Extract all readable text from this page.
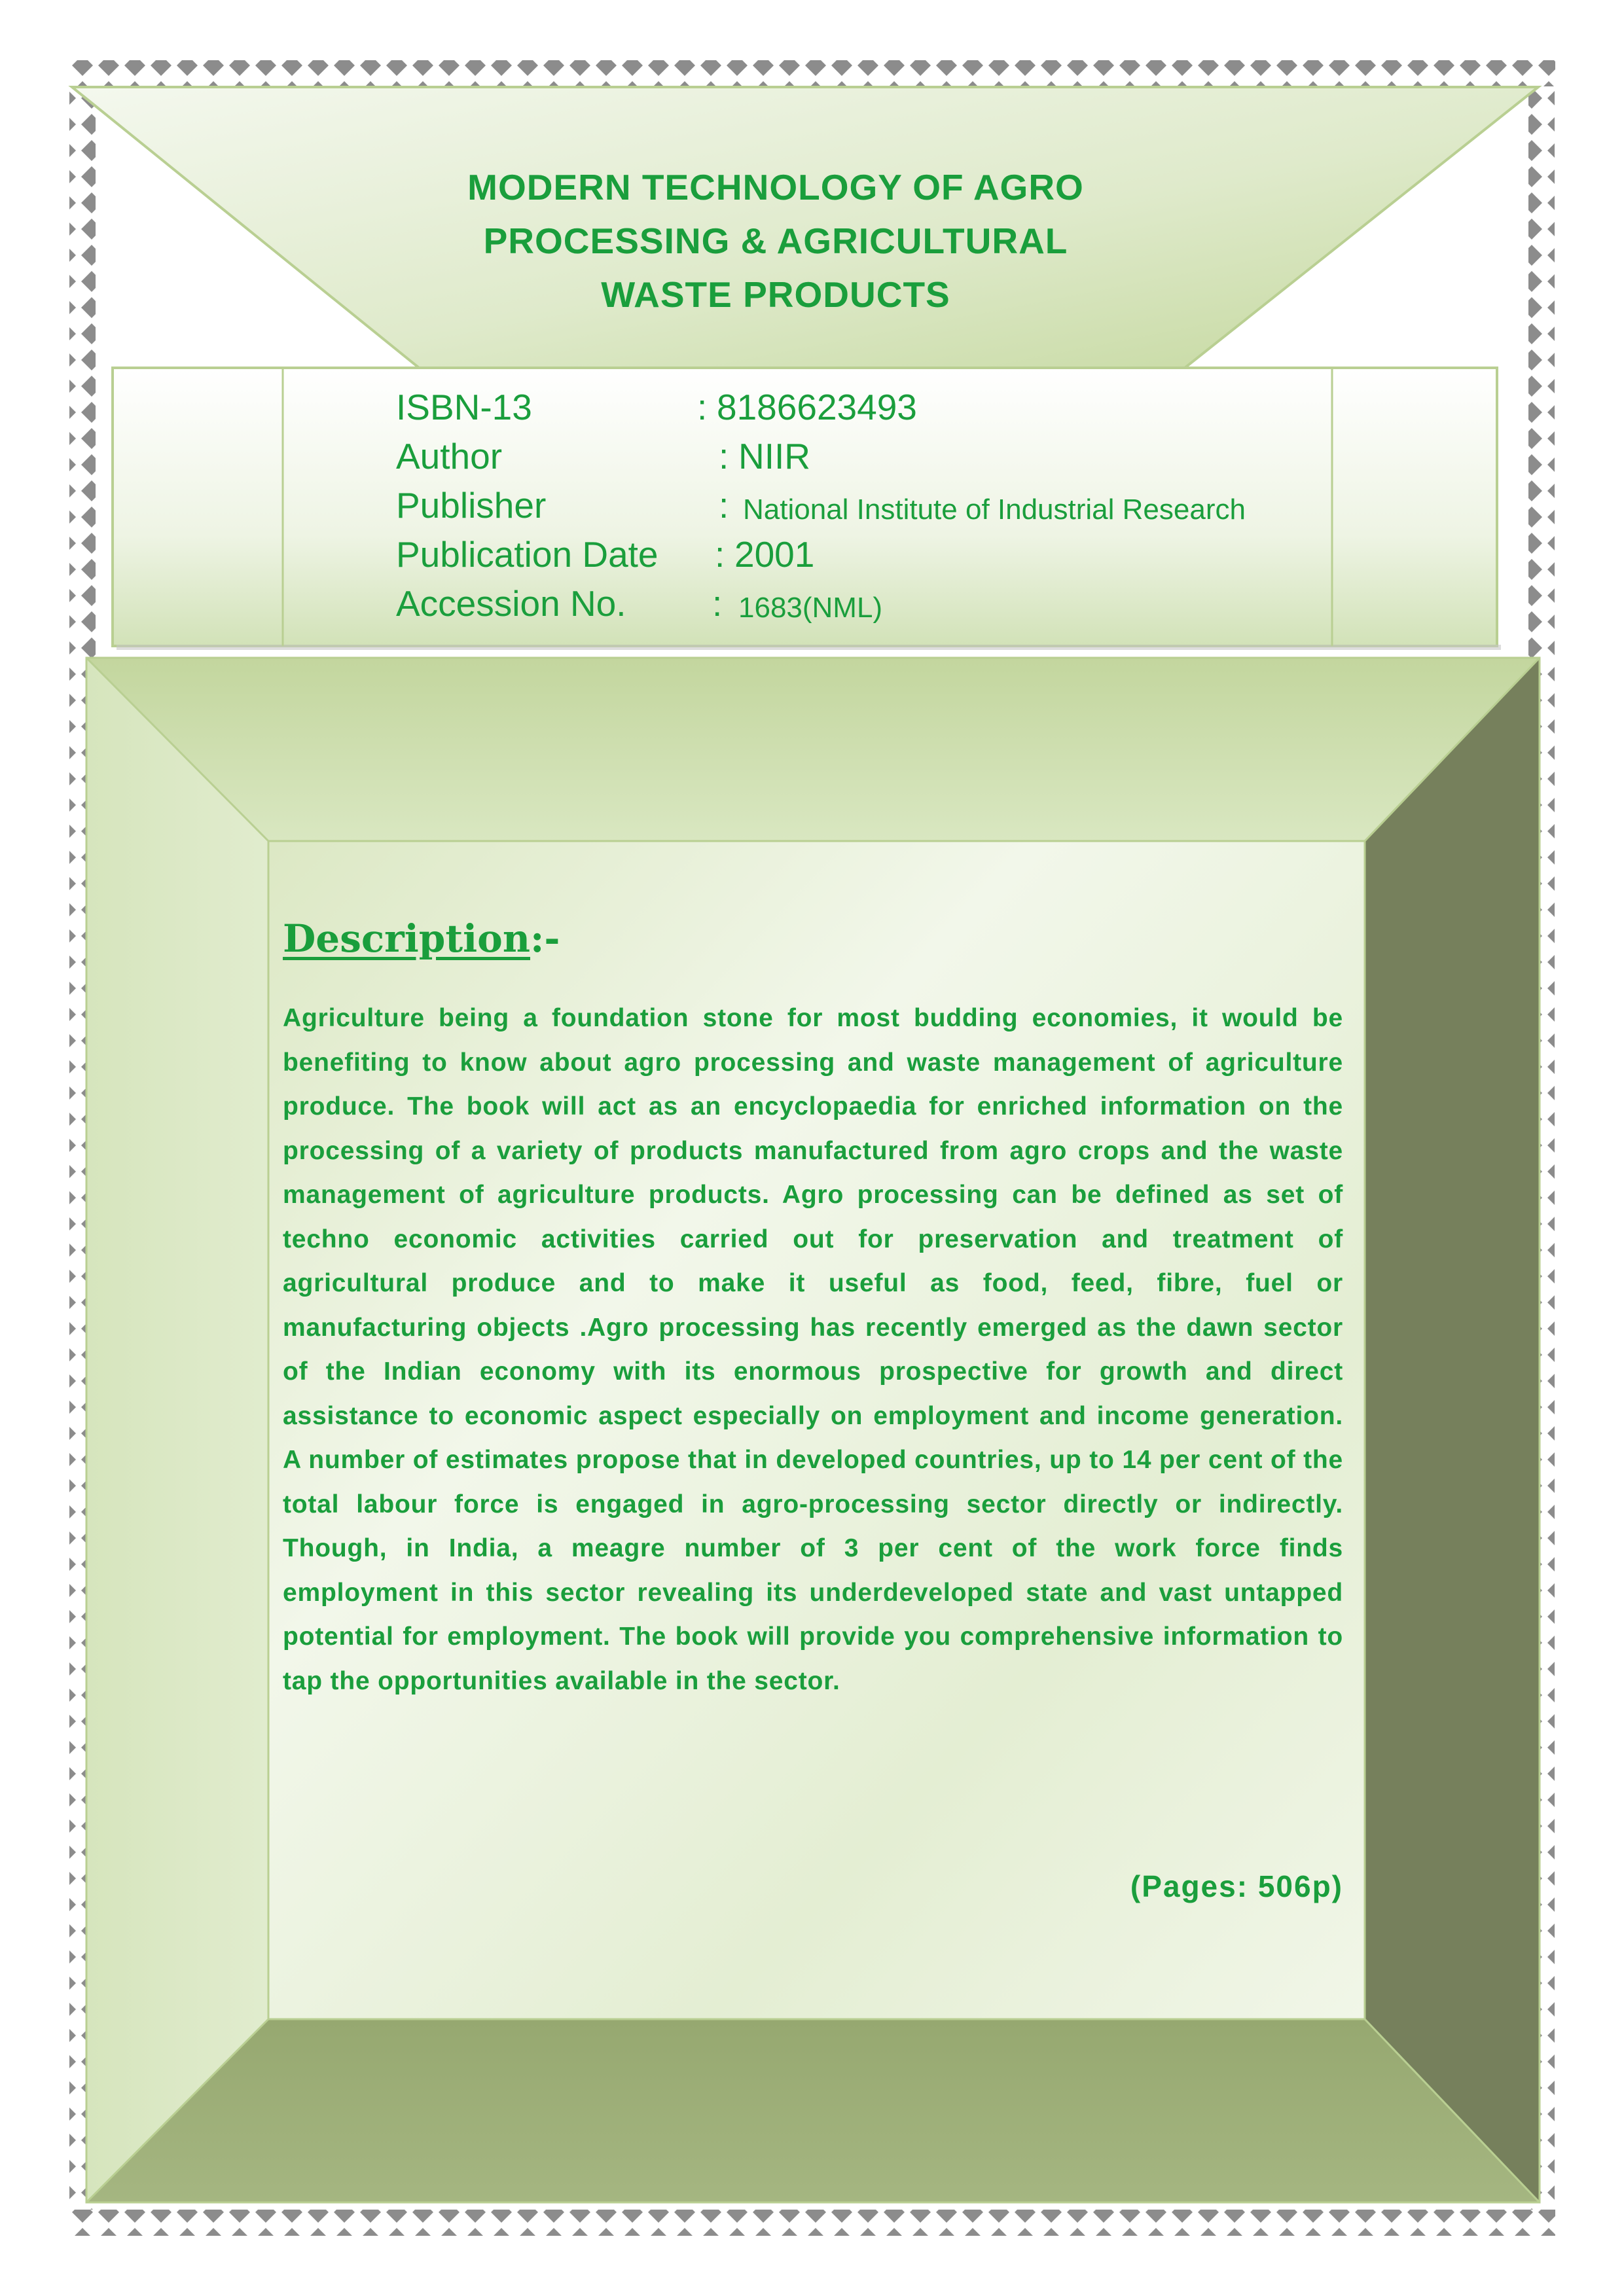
MODERN TECHNOLOGY OF AGRO
PROCESSING & AGRICULTURAL
WASTE PRODUCTS
ISBN-13	: 8186623493
Author	: NIIR
Publisher	: National Institute of Industrial Research
Publication Date : 2001
Accession No. : 1683(NML)
Description:-
Agriculture being a foundation stone for most budding economies, it would be benefiting to know about agro processing and waste management of agriculture produce. The book will act as an encyclopaedia for enriched information on the processing of a variety of products manufactured from agro crops and the waste management of agriculture products. Agro processing can be defined as set of techno economic activities carried out for preservation and treatment of agricultural produce and to make it useful as food, feed, fibre, fuel or manufacturing objects .Agro processing has recently emerged as the dawn sector of the Indian economy with its enormous prospective for growth and direct assistance to economic aspect especially on employment and income generation. A number of estimates propose that in developed countries, up to 14 per cent of the total labour force is engaged in agro-processing sector directly or indirectly. Though, in India, a meagre number of 3 per cent of the work force finds employment in this sector revealing its underdeveloped state and vast untapped potential for employment. The book will provide you comprehensive information to tap the opportunities available in the sector.
(Pages: 506p)
